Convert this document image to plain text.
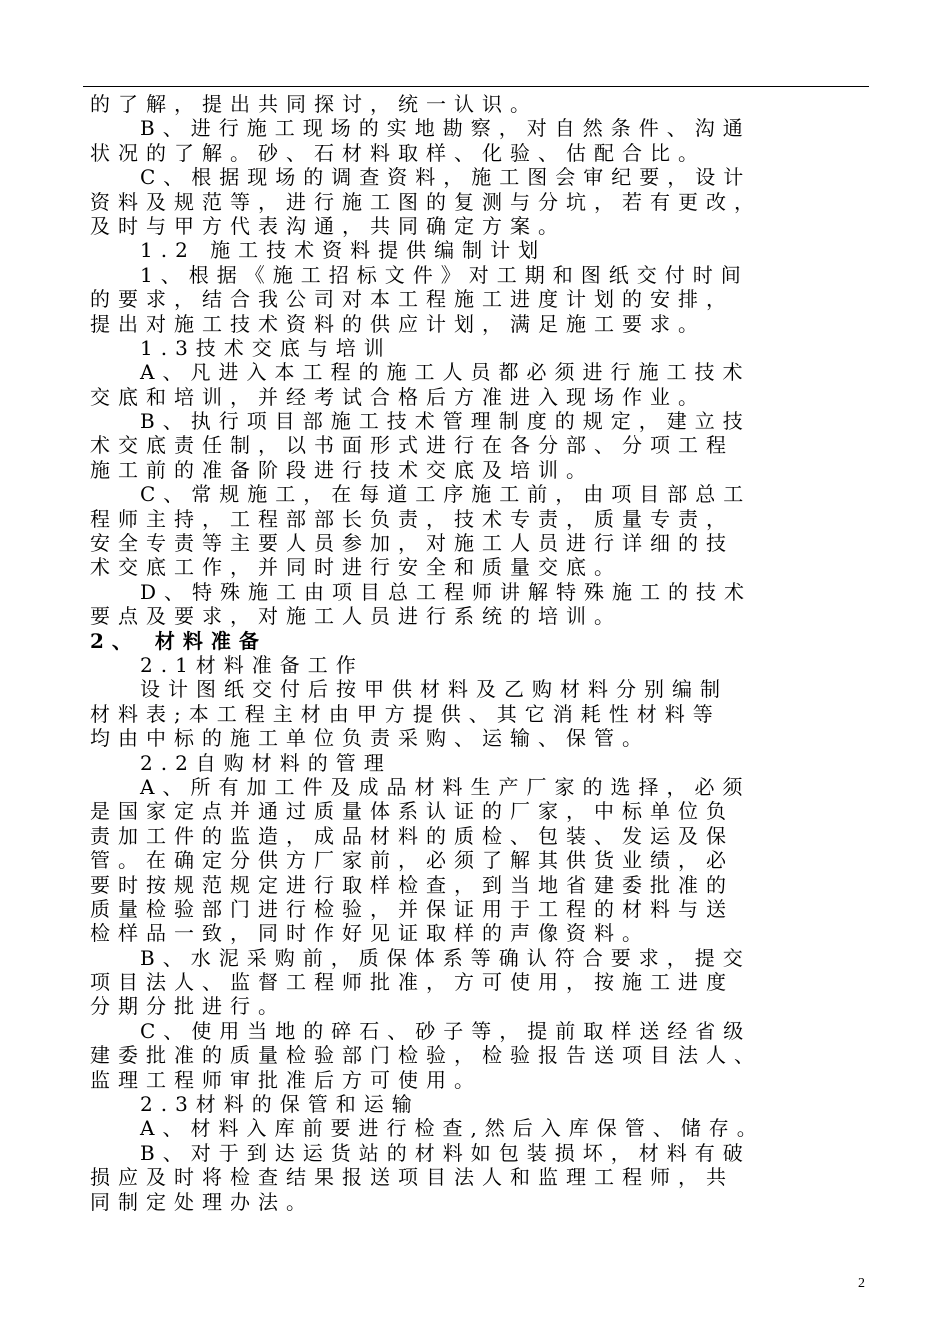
的了解，提出共同探讨，统一认识。
B、进行施工现场的实地勘察，对自然条件、沟通
状况的了解。砂、石材料取样、化验、估配合比。
C、根据现场的调查资料，施工图会审纪要，设计
资料及规范等，进行施工图的复测与分坑，若有更改，
及时与甲方代表沟通，共同确定方案。
1.2 施工技术资料提供编制计划
1、根据《施工招标文件》对工期和图纸交付时间
的要求，结合我公司对本工程施工进度计划的安排，
提出对施工技术资料的供应计划，满足施工要求。
1.3技术交底与培训
A、凡进入本工程的施工人员都必须进行施工技术
交底和培训，并经考试合格后方准进入现场作业。
B、执行项目部施工技术管理制度的规定，建立技
术交底责任制，以书面形式进行在各分部、分项工程
施工前的准备阶段进行技术交底及培训。
C、常规施工，在每道工序施工前，由项目部总工
程师主持，工程部部长负责，技术专责，质量专责，
安全专责等主要人员参加，对施工人员进行详细的技
术交底工作，并同时进行安全和质量交底。
D、特殊施工由项目总工程师讲解特殊施工的技术
要点及要求，对施工人员进行系统的培训。
2、 材料准备
2.1材料准备工作
设计图纸交付后按甲供材料及乙购材料分别编制
材料表;本工程主材由甲方提供、其它消耗性材料等
均由中标的施工单位负责采购、运输、保管。
2.2自购材料的管理
A、所有加工件及成品材料生产厂家的选择，必须
是国家定点并通过质量体系认证的厂家，中标单位负
责加工件的监造，成品材料的质检、包装、发运及保
管。在确定分供方厂家前，必须了解其供货业绩，必
要时按规范规定进行取样检查，到当地省建委批准的
质量检验部门进行检验，并保证用于工程的材料与送
检样品一致，同时作好见证取样的声像资料。
B、水泥采购前，质保体系等确认符合要求，提交
项目法人、监督工程师批准，方可使用，按施工进度
分期分批进行。
C、使用当地的碎石、砂子等，提前取样送经省级
建委批准的质量检验部门检验，检验报告送项目法人、
监理工程师审批准后方可使用。
2.3材料的保管和运输
A、材料入库前要进行检查,然后入库保管、储存。
B、对于到达运货站的材料如包装损坏，材料有破
损应及时将检查结果报送项目法人和监理工程师，共
同制定处理办法。
2
